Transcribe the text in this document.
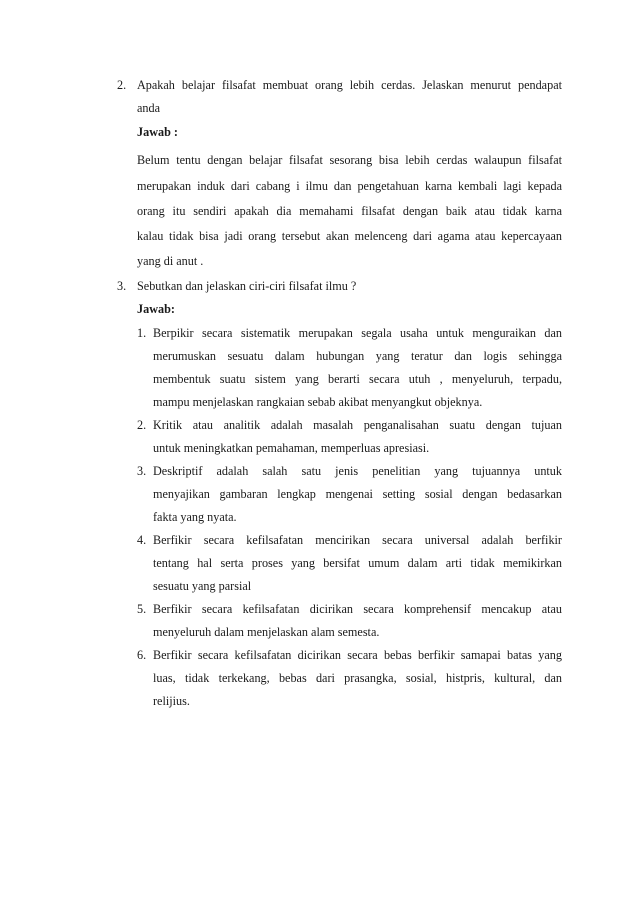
2. Apakah belajar filsafat membuat orang lebih cerdas. Jelaskan menurut pendapat
anda
Jawab :
Belum tentu dengan belajar filsafat sesorang bisa lebih cerdas walaupun filsafat
merupakan induk dari cabang i ilmu dan pengetahuan karna kembali lagi kepada
orang itu sendiri apakah dia memahami filsafat dengan baik atau tidak karna
kalau tidak bisa jadi orang tersebut akan melenceng dari agama atau kepercayaan
yang di anut .
3. Sebutkan dan jelaskan ciri-ciri filsafat ilmu ?
Jawab:
1. Berpikir secara sistematik merupakan segala usaha untuk menguraikan dan
merumuskan sesuatu dalam hubungan yang teratur dan logis sehingga
membentuk suatu sistem yang berarti secara utuh , menyeluruh, terpadu,
mampu menjelaskan rangkaian sebab akibat menyangkut objeknya.
2. Kritik atau analitik adalah masalah penganalisahan suatu dengan tujuan
untuk meningkatkan pemahaman, memperluas apresiasi.
3. Deskriptif adalah salah satu jenis penelitian yang tujuannya untuk
menyajikan gambaran lengkap mengenai setting sosial dengan bedasarkan
fakta yang nyata.
4. Berfikir secara kefilsafatan mencirikan secara universal adalah berfikir
tentang hal serta proses yang bersifat umum dalam arti tidak memikirkan
sesuatu yang parsial
5. Berfikir secara kefilsafatan dicirikan secara komprehensif mencakup atau
menyeluruh dalam menjelaskan alam semesta.
6. Berfikir secara kefilsafatan dicirikan secara bebas berfikir samapai batas yang
luas, tidak terkekang, bebas dari prasangka, sosial, histpris, kultural, dan
relijius.
